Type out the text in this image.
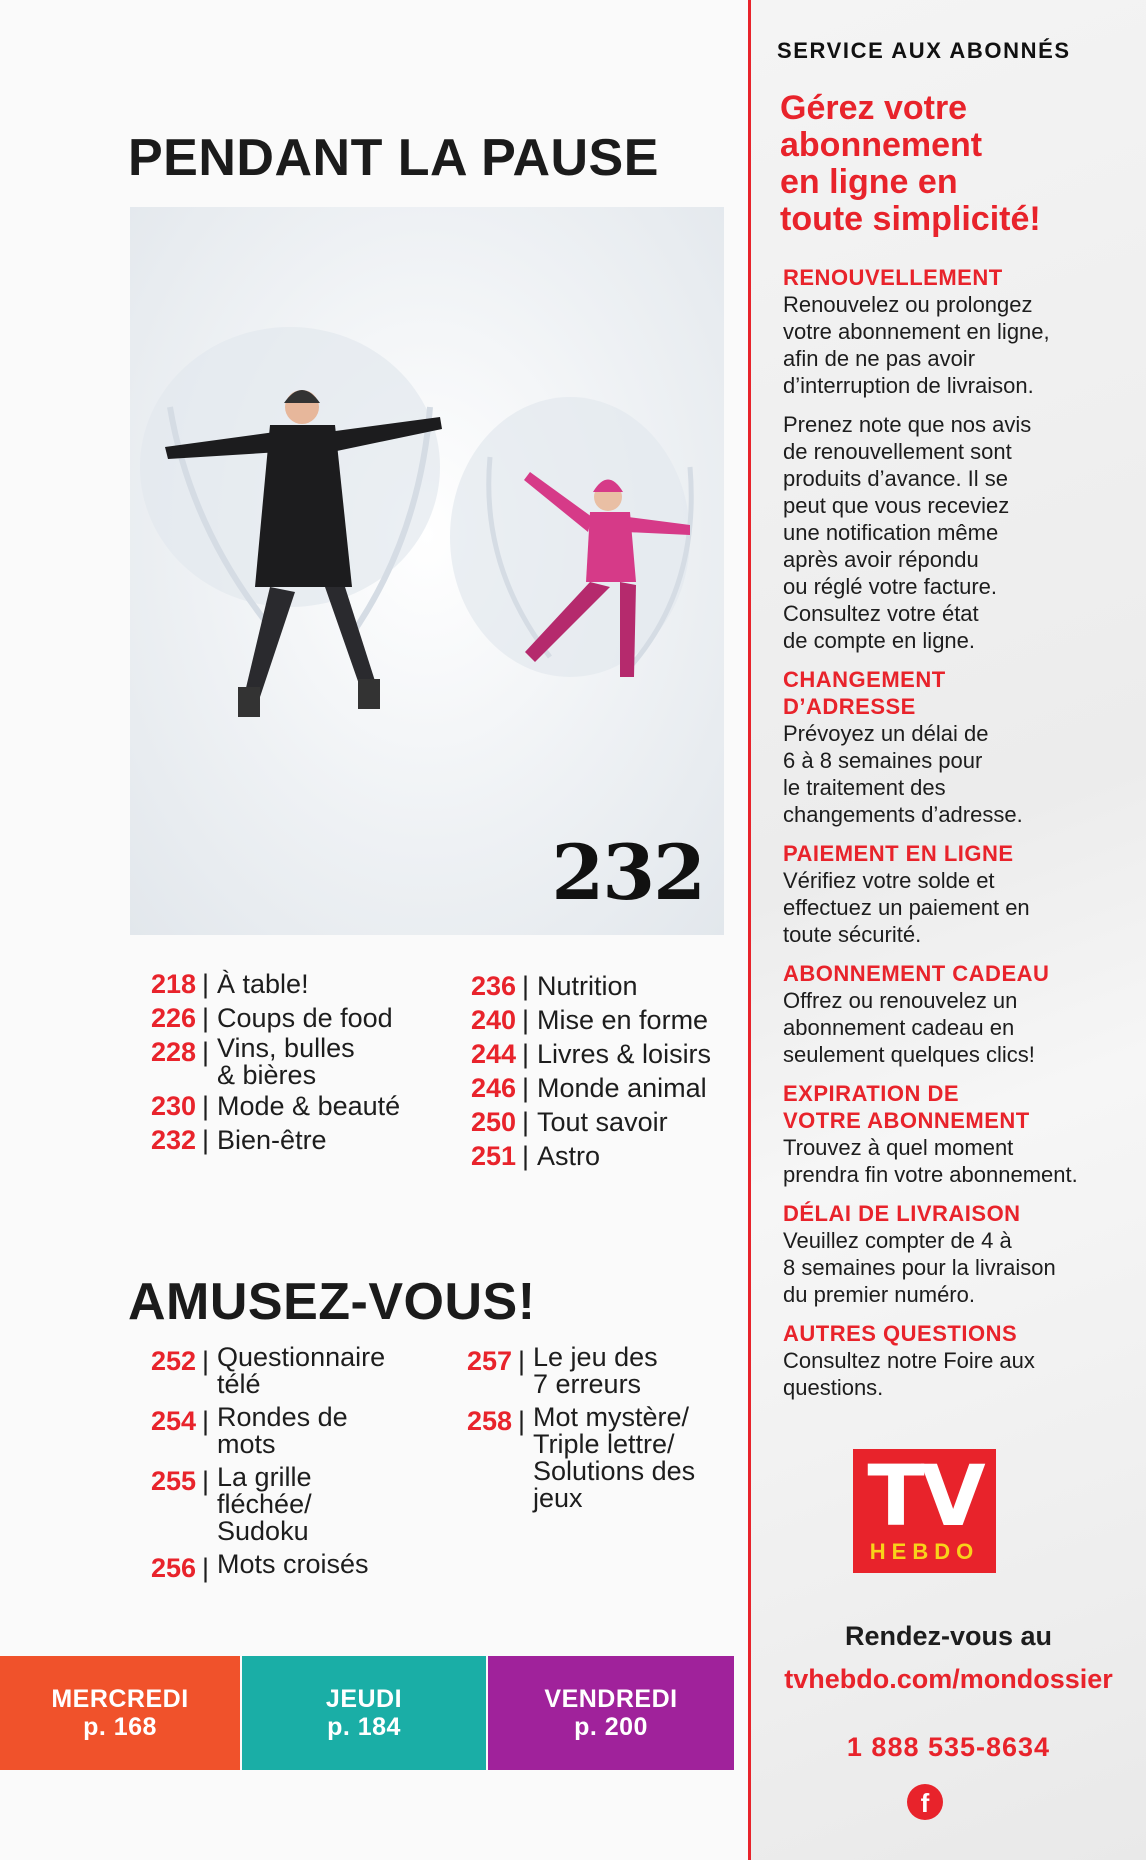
PENDANT LA PAUSE
232
218 | À table!
226 | Coups de food
228 | Vins, bulles
& bières
230 | Mode & beauté
232 | Bien-être
236 | Nutrition
240 | Mise en forme
244 | Livres & loisirs
246 | Monde animal
250 | Tout savoir
251 | Astro
AMUSEZ-VOUS!
252 | Questionnaire
télé
254 | Rondes de
mots
255 | La grille
fléchée/
Sudoku
256 | Mots croisés
257 | Le jeu des
7 erreurs
258 | Mot mystère/
Triple lettre/
Solutions des
jeux
MERCREDI
p. 168
JEUDI
p. 184
VENDREDI
p. 200
SERVICE AUX ABONNÉS
Gérez votre
abonnement
en ligne en
toute simplicité!
RENOUVELLEMENT

Renouvelez ou prolongez
votre abonnement en ligne,
afin de ne pas avoir
d’interruption de livraison.

Prenez note que nos avis
de renouvellement sont
produits d’avance. Il se
peut que vous receviez
une notification même
après avoir répondu
ou réglé votre facture.
Consultez votre état
de compte en ligne.

CHANGEMENT
D’ADRESSE

Prévoyez un délai de
6 à 8 semaines pour
le traitement des
changements d’adresse.

PAIEMENT EN LIGNE

Vérifiez votre solde et
effectuez un paiement en
toute sécurité.

ABONNEMENT CADEAU

Offrez ou renouvelez un
abonnement cadeau en
seulement quelques clics!

EXPIRATION DE
VOTRE ABONNEMENT

Trouvez à quel moment
prendra fin votre abonnement.

DÉLAI DE LIVRAISON

Veuillez compter de 4 à
8 semaines pour la livraison
du premier numéro.

AUTRES QUESTIONS

Consultez notre Foire aux
questions.

TV
HEBDO
Rendez-vous au
tvhebdo.com/mondossier
1 888 535-8634
f
